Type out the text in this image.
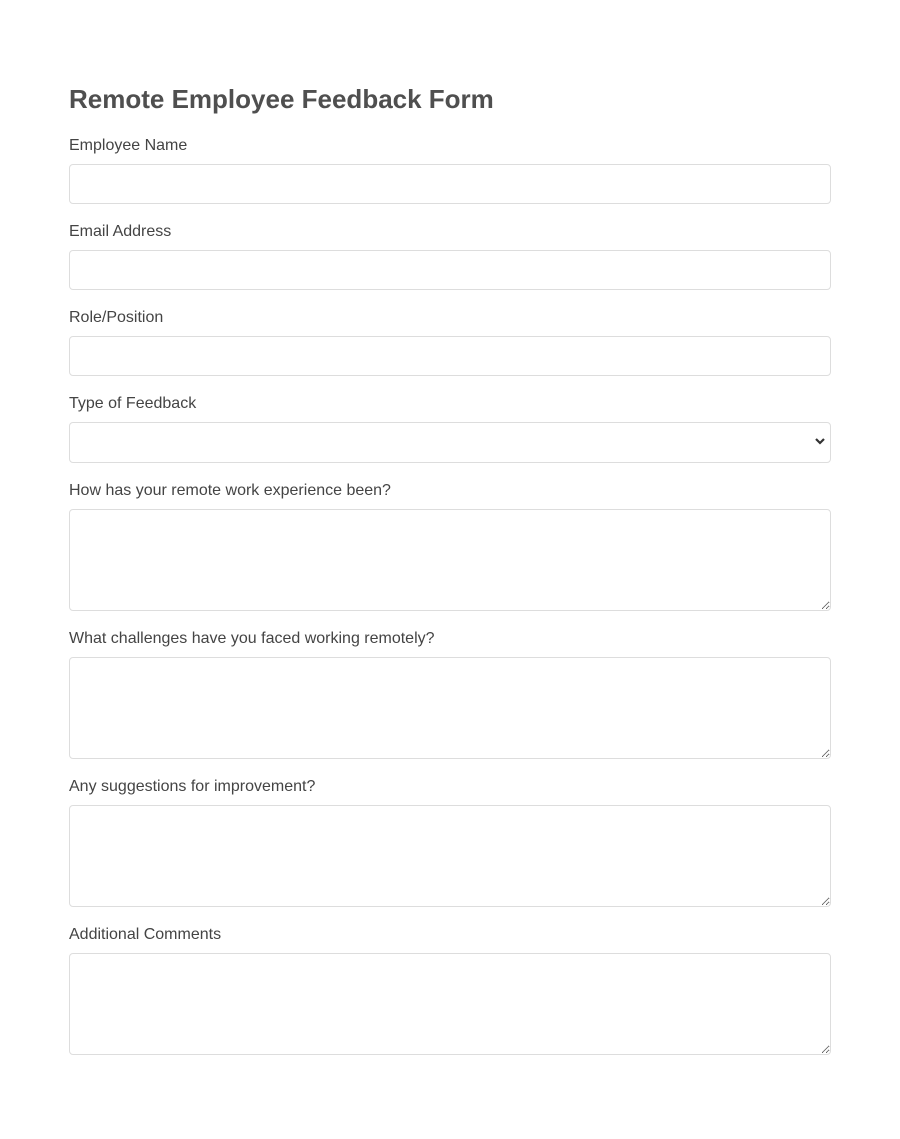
Remote Employee Feedback Form
Employee Name
Email Address
Role/Position
Type of Feedback
How has your remote work experience been?
What challenges have you faced working remotely?
Any suggestions for improvement?
Additional Comments
